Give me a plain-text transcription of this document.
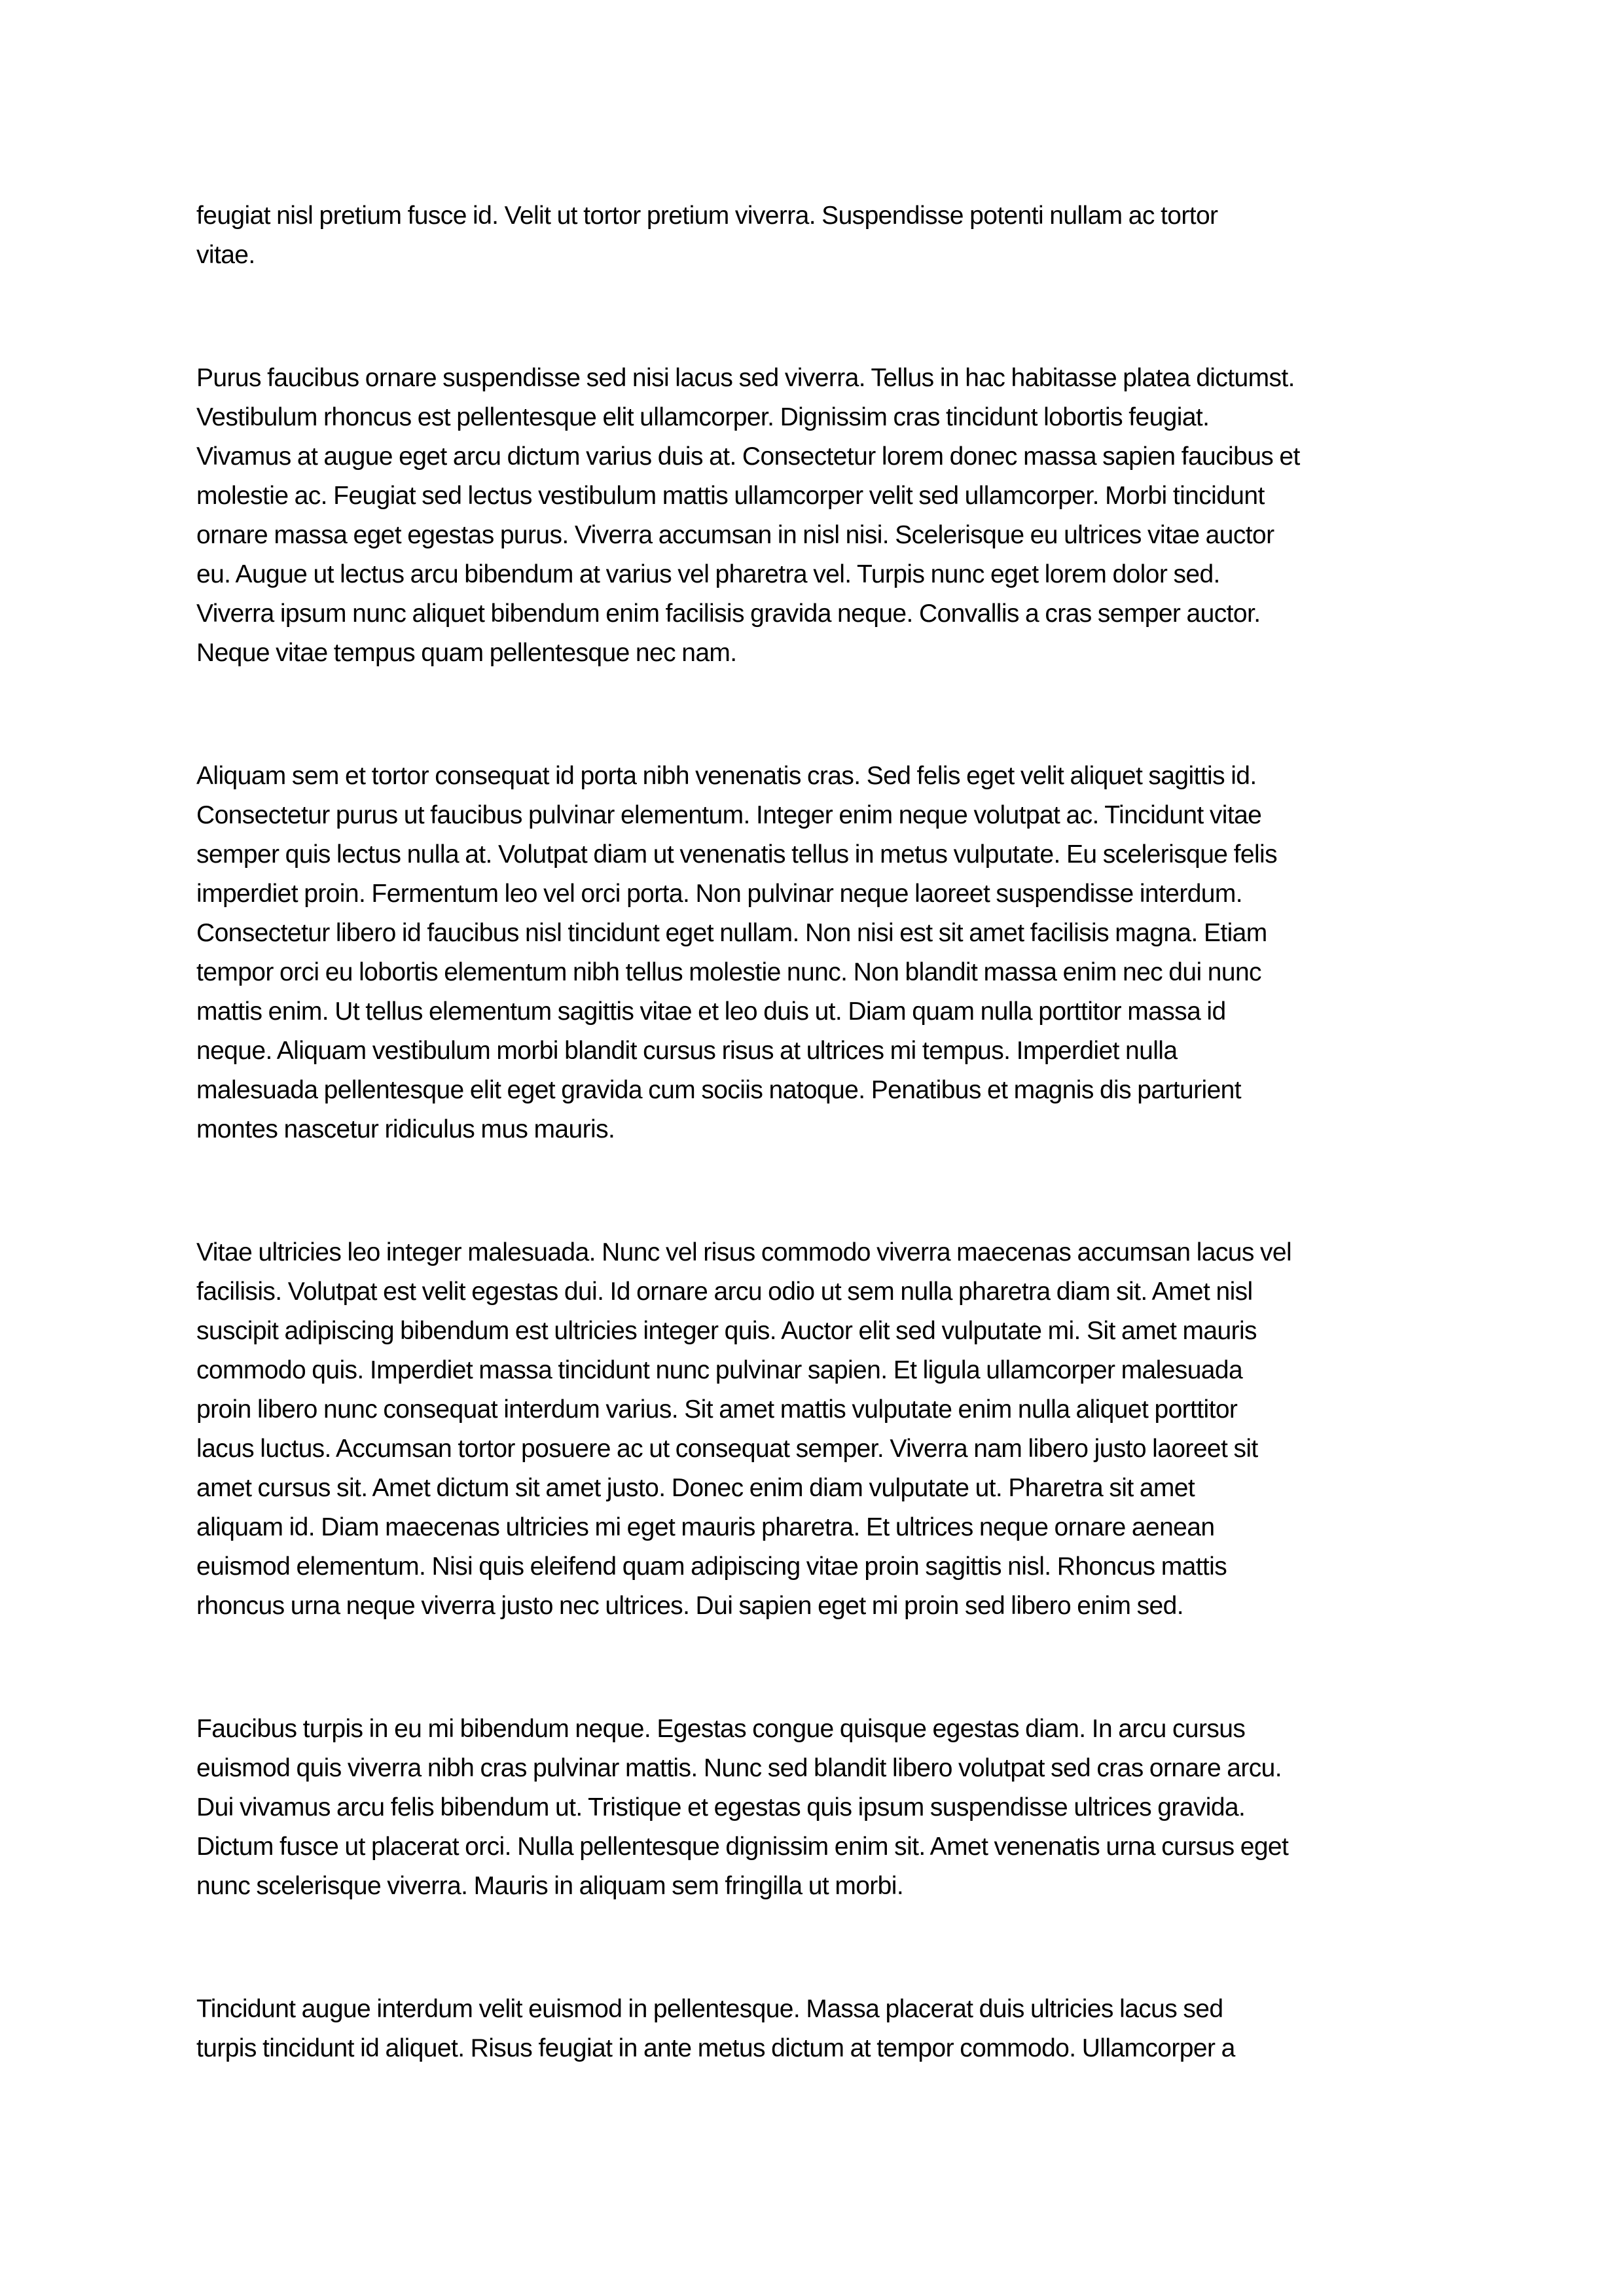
feugiat nisl pretium fusce id. Velit ut tortor pretium viverra. Suspendisse potenti nullam ac tortor
vitae.

Purus faucibus ornare suspendisse sed nisi lacus sed viverra. Tellus in hac habitasse platea dictumst.
Vestibulum rhoncus est pellentesque elit ullamcorper. Dignissim cras tincidunt lobortis feugiat.
Vivamus at augue eget arcu dictum varius duis at. Consectetur lorem donec massa sapien faucibus et
molestie ac. Feugiat sed lectus vestibulum mattis ullamcorper velit sed ullamcorper. Morbi tincidunt
ornare massa eget egestas purus. Viverra accumsan in nisl nisi. Scelerisque eu ultrices vitae auctor
eu. Augue ut lectus arcu bibendum at varius vel pharetra vel. Turpis nunc eget lorem dolor sed.
Viverra ipsum nunc aliquet bibendum enim facilisis gravida neque. Convallis a cras semper auctor.
Neque vitae tempus quam pellentesque nec nam.

Aliquam sem et tortor consequat id porta nibh venenatis cras. Sed felis eget velit aliquet sagittis id.
Consectetur purus ut faucibus pulvinar elementum. Integer enim neque volutpat ac. Tincidunt vitae
semper quis lectus nulla at. Volutpat diam ut venenatis tellus in metus vulputate. Eu scelerisque felis
imperdiet proin. Fermentum leo vel orci porta. Non pulvinar neque laoreet suspendisse interdum.
Consectetur libero id faucibus nisl tincidunt eget nullam. Non nisi est sit amet facilisis magna. Etiam
tempor orci eu lobortis elementum nibh tellus molestie nunc. Non blandit massa enim nec dui nunc
mattis enim. Ut tellus elementum sagittis vitae et leo duis ut. Diam quam nulla porttitor massa id
neque. Aliquam vestibulum morbi blandit cursus risus at ultrices mi tempus. Imperdiet nulla
malesuada pellentesque elit eget gravida cum sociis natoque. Penatibus et magnis dis parturient
montes nascetur ridiculus mus mauris.

Vitae ultricies leo integer malesuada. Nunc vel risus commodo viverra maecenas accumsan lacus vel
facilisis. Volutpat est velit egestas dui. Id ornare arcu odio ut sem nulla pharetra diam sit. Amet nisl
suscipit adipiscing bibendum est ultricies integer quis. Auctor elit sed vulputate mi. Sit amet mauris
commodo quis. Imperdiet massa tincidunt nunc pulvinar sapien. Et ligula ullamcorper malesuada
proin libero nunc consequat interdum varius. Sit amet mattis vulputate enim nulla aliquet porttitor
lacus luctus. Accumsan tortor posuere ac ut consequat semper. Viverra nam libero justo laoreet sit
amet cursus sit. Amet dictum sit amet justo. Donec enim diam vulputate ut. Pharetra sit amet
aliquam id. Diam maecenas ultricies mi eget mauris pharetra. Et ultrices neque ornare aenean
euismod elementum. Nisi quis eleifend quam adipiscing vitae proin sagittis nisl. Rhoncus mattis
rhoncus urna neque viverra justo nec ultrices. Dui sapien eget mi proin sed libero enim sed.

Faucibus turpis in eu mi bibendum neque. Egestas congue quisque egestas diam. In arcu cursus
euismod quis viverra nibh cras pulvinar mattis. Nunc sed blandit libero volutpat sed cras ornare arcu.
Dui vivamus arcu felis bibendum ut. Tristique et egestas quis ipsum suspendisse ultrices gravida.
Dictum fusce ut placerat orci. Nulla pellentesque dignissim enim sit. Amet venenatis urna cursus eget
nunc scelerisque viverra. Mauris in aliquam sem fringilla ut morbi.

Tincidunt augue interdum velit euismod in pellentesque. Massa placerat duis ultricies lacus sed
turpis tincidunt id aliquet. Risus feugiat in ante metus dictum at tempor commodo. Ullamcorper a
